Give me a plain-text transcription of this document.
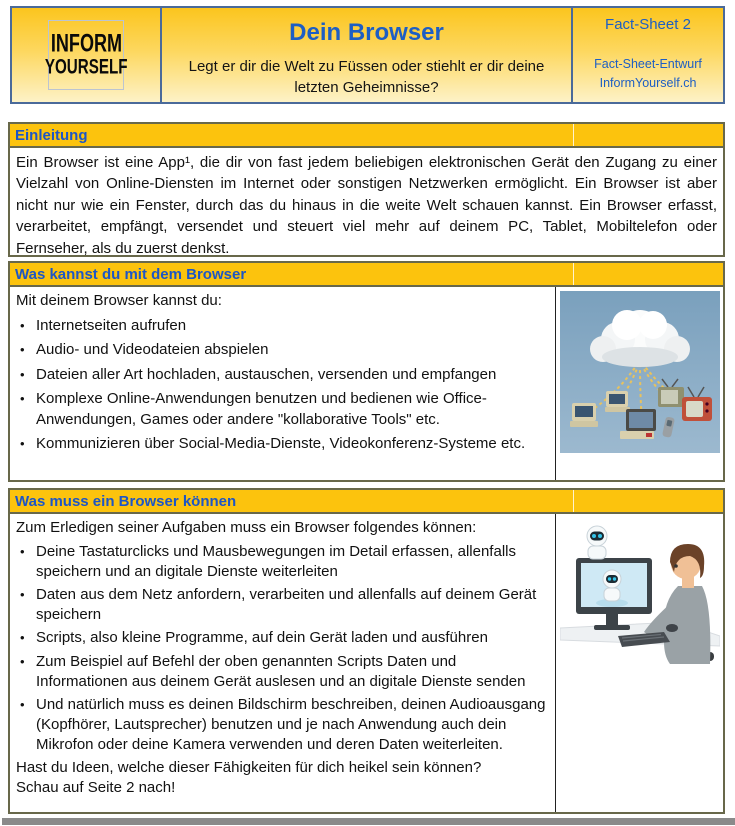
INFORM
YOURSELF
Dein Browser
Legt er dir die Welt zu Füssen oder stiehlt er dir deine letzten Geheimnisse?
Fact-Sheet 2
Fact-Sheet-Entwurf
InformYourself.ch
Einleitung

Ein Browser ist eine App¹, die dir von fast jedem beliebigen elektronischen Gerät den Zugang zu einer Vielzahl von Online-Diensten im Internet oder sonstigen Netzwerken ermöglicht. Ein Browser ist aber nicht nur wie ein Fenster, durch das du hinaus in die weite Welt schauen kannst. Ein Browser erfasst, verarbeitet, empfängt, versendet und steuert viel mehr auf deinem PC, Tablet, Mobiltelefon oder Fernseher, als du zuerst denkst.

Was kannst du mit dem Browser
Mit deinem Browser kannst du:
• Internetseiten aufrufen
• Audio- und Videodateien abspielen
• Dateien aller Art hochladen, austauschen, versenden und empfangen
• Komplexe Online-Anwendungen benutzen und bedienen wie Office-Anwendungen, Games oder andere "kollaborative Tools" etc.
• Kommunizieren über Social-Media-Dienste, Videokonferenz-Systeme etc.
Was muss ein Browser können
Zum Erledigen seiner Aufgaben muss ein Browser folgendes können:
• Deine Tastaturclicks und Mausbewegungen im Detail erfassen, allenfalls speichern und an digitale Dienste weiterleiten
• Daten aus dem Netz anfordern, verarbeiten und allenfalls auf deinem Gerät speichern
• Scripts, also kleine Programme, auf dein Gerät laden und ausführen
• Zum Beispiel auf Befehl der oben genannten Scripts Daten und Informationen aus deinem Gerät auslesen und an digitale Dienste senden
• Und natürlich muss es deinen Bildschirm beschreiben, deinen Audioausgang (Kopfhörer, Lautsprecher) benutzen und je nach Anwendung auch dein Mikrofon oder deine Kamera verwenden und deren Daten weiterleiten.

Hast du Ideen, welche dieser Fähigkeiten für dich heikel sein können?

Schau auf Seite 2 nach!
